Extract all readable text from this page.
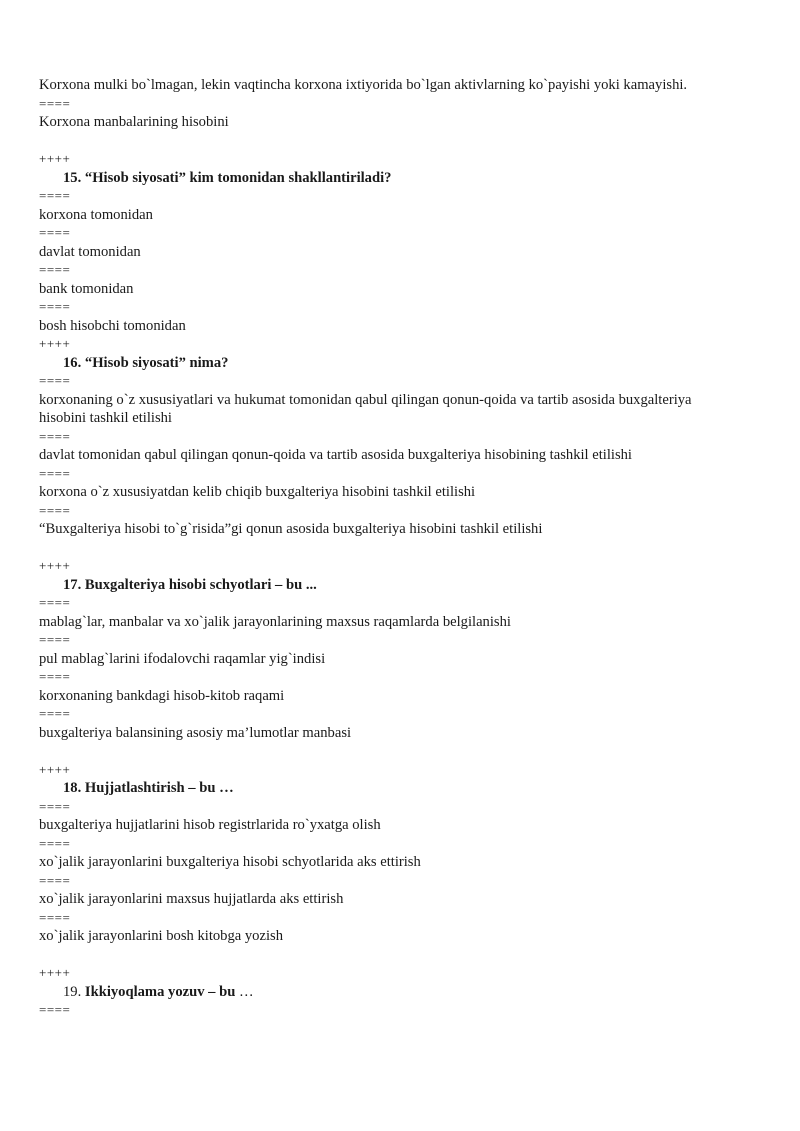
Korxona mulki bo`lmagan, lekin vaqtincha korxona ixtiyorida bo`lgan aktivlarning ko`payishi yoki kamayishi.
====
Korxona manbalarining hisobini
++++
15. “Hisob siyosati” kim tomonidan shakllantiriladi?
====
korxona tomonidan
====
davlat tomonidan
====
bank tomonidan
====
bosh hisobchi tomonidan
++++
16. “Hisob siyosati” nima?
====
korxonaning o`z xususiyatlari va hukumat tomonidan qabul qilingan qonun-qoida va tartib asosida buxgalteriya hisobini tashkil etilishi
====
davlat tomonidan qabul qilingan qonun-qoida va tartib asosida buxgalteriya hisobining tashkil etilishi
====
korxona o`z xususiyatdan kelib chiqib buxgalteriya hisobini tashkil etilishi
====
“Buxgalteriya hisobi to`g`risida”gi qonun asosida buxgalteriya hisobini tashkil etilishi
++++
17. Buxgalteriya hisobi schyotlari – bu ...
====
mablag`lar, manbalar va xo`jalik jarayonlarining maxsus raqamlarda belgilanishi
====
pul mablag`larini ifodalovchi raqamlar yig`indisi
====
korxonaning bankdagi hisob-kitob raqami
====
buxgalteriya balansining asosiy ma’lumotlar manbasi
++++
18. Hujjatlashtirish – bu …
====
buxgalteriya hujjatlarini hisob registrlarida ro`yxatga olish
====
xo`jalik jarayonlarini buxgalteriya hisobi schyotlarida aks ettirish
====
xo`jalik jarayonlarini maxsus hujjatlarda aks ettirish
====
xo`jalik jarayonlarini bosh kitobga yozish
++++
19. Ikkiyoqlama yozuv – bu …
====
